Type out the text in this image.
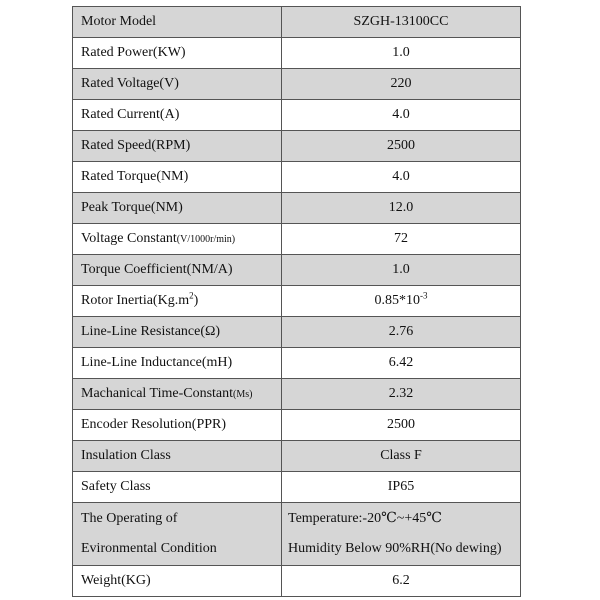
Motor Model	SZGH-13100CC
Rated Power(KW)	1.0
Rated Voltage(V)	220
Rated Current(A)	4.0
Rated Speed(RPM)	2500
Rated Torque(NM)	4.0
Peak Torque(NM)	12.0
Voltage Constant(V/1000r/min)	72
Torque Coefficient(NM/A)	1.0
Rotor $Inertia(Kg.m^2)$	$0.85*10^{-3}$
Line-Line Resistance(Ω)	2.76
Line-Line Inductance(mH)	6.42
Machanical Time-Constant(Ms)	2.32
Encoder Resolution(PPR)	2500
Insulation Class	Class F
Safety Class	IP65

The Operating of
Evironmental Condition	Temperature:-20℃~+45℃
Humidity Below 90%RH(No dewing)

Weight(KG)	6.2
